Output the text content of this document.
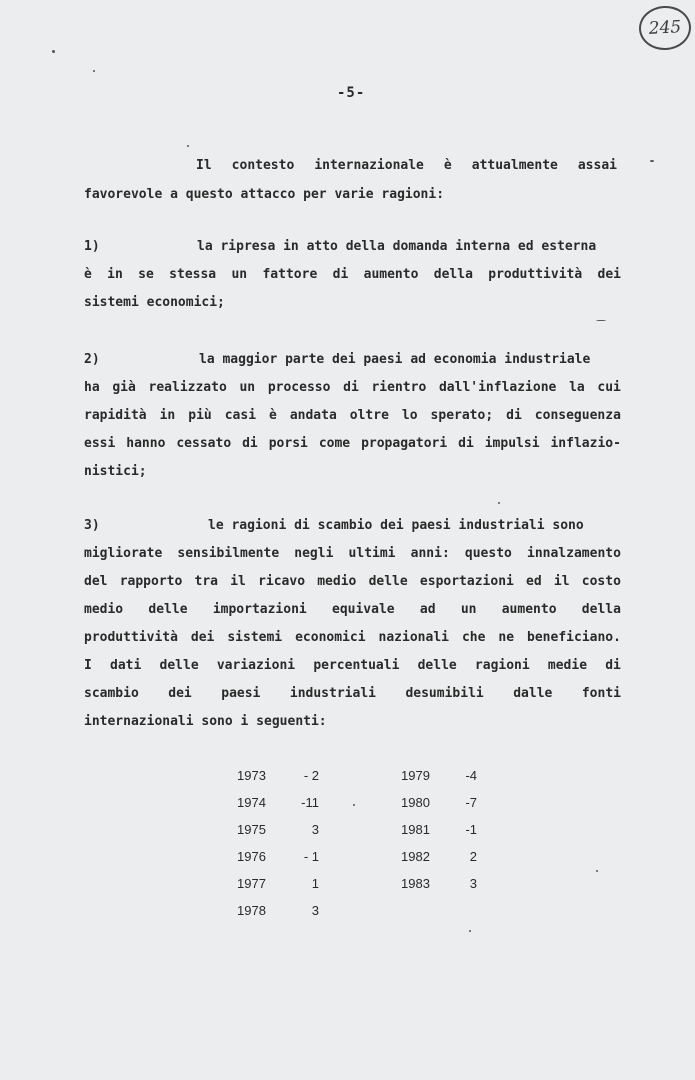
245
-5-
Il contesto internazionale è attualmente assai
favorevole a questo attacco per varie ragioni:
1)	la ripresa in atto della domanda interna ed esterna
è in se stessa un fattore di aumento della produttività dei
sistemi economici;
2)	la maggior parte dei paesi ad economia industriale
ha già realizzato un processo di rientro dall'inflazione la cui
rapidità in più casi è andata oltre lo sperato; di conseguenza
essi hanno cessato di porsi come propagatori di impulsi inflazio-
nistici;
3)	le ragioni di scambio dei paesi industriali sono
migliorate sensibilmente negli ultimi anni: questo innalzamento
del rapporto tra il ricavo medio delle esportazioni ed il costo
medio delle importazioni equivale ad un aumento della
produttività dei sistemi economici nazionali che ne beneficiano.
I dati delle variazioni percentuali delle ragioni medie di
scambio dei paesi industriali desumibili dalle fonti
internazionali sono i seguenti:
1973	- 2
1974	-11
1975	3
1976	- 1
1977	1
1978	3
1979	-4
1980	-7
1981	-1
1982	2
1983	3
